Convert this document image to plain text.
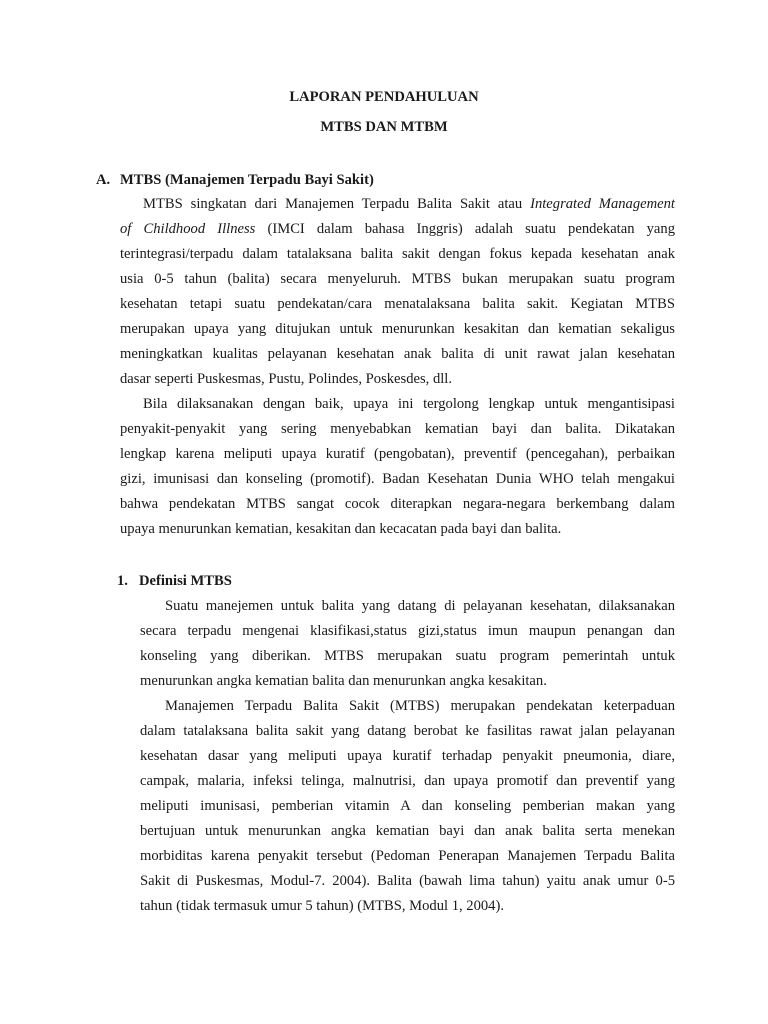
LAPORAN PENDAHULUAN

MTBS DAN MTBM

A. MTBS (Manajemen Terpadu Bayi Sakit)

MTBS singkatan dari Manajemen Terpadu Balita Sakit atau Integrated Management

of Childhood Illness (IMCI dalam bahasa Inggris) adalah suatu pendekatan yang

terintegrasi/terpadu dalam tatalaksana balita sakit dengan fokus kepada kesehatan anak

usia 0-5 tahun (balita) secara menyeluruh. MTBS bukan merupakan suatu program

kesehatan tetapi suatu pendekatan/cara menatalaksana balita sakit. Kegiatan MTBS

merupakan upaya yang ditujukan untuk menurunkan kesakitan dan kematian sekaligus

meningkatkan kualitas pelayanan kesehatan anak balita di unit rawat jalan kesehatan

dasar seperti Puskesmas, Pustu, Polindes, Poskesdes, dll.

Bila dilaksanakan dengan baik, upaya ini tergolong lengkap untuk mengantisipasi

penyakit-penyakit yang sering menyebabkan kematian bayi dan balita. Dikatakan

lengkap karena meliputi upaya kuratif (pengobatan), preventif (pencegahan), perbaikan

gizi, imunisasi dan konseling (promotif). Badan Kesehatan Dunia WHO telah mengakui

bahwa pendekatan MTBS sangat cocok diterapkan negara-negara berkembang dalam

upaya menurunkan kematian, kesakitan dan kecacatan pada bayi dan balita.

1. Definisi MTBS

Suatu manejemen untuk balita yang datang di pelayanan kesehatan, dilaksanakan

secara terpadu mengenai klasifikasi,status gizi,status imun maupun penangan dan

konseling yang diberikan. MTBS merupakan suatu program pemerintah untuk

menurunkan angka kematian balita dan menurunkan angka kesakitan.

Manajemen Terpadu Balita Sakit (MTBS) merupakan pendekatan keterpaduan

dalam tatalaksana balita sakit yang datang berobat ke fasilitas rawat jalan pelayanan

kesehatan dasar yang meliputi upaya kuratif terhadap penyakit pneumonia, diare,

campak, malaria, infeksi telinga, malnutrisi, dan upaya promotif dan preventif yang

meliputi imunisasi, pemberian vitamin A dan konseling pemberian makan yang

bertujuan untuk menurunkan angka kematian bayi dan anak balita serta menekan

morbiditas karena penyakit tersebut (Pedoman Penerapan Manajemen Terpadu Balita

Sakit di Puskesmas, Modul-7. 2004). Balita (bawah lima tahun) yaitu anak umur 0-5

tahun (tidak termasuk umur 5 tahun) (MTBS, Modul 1, 2004).
